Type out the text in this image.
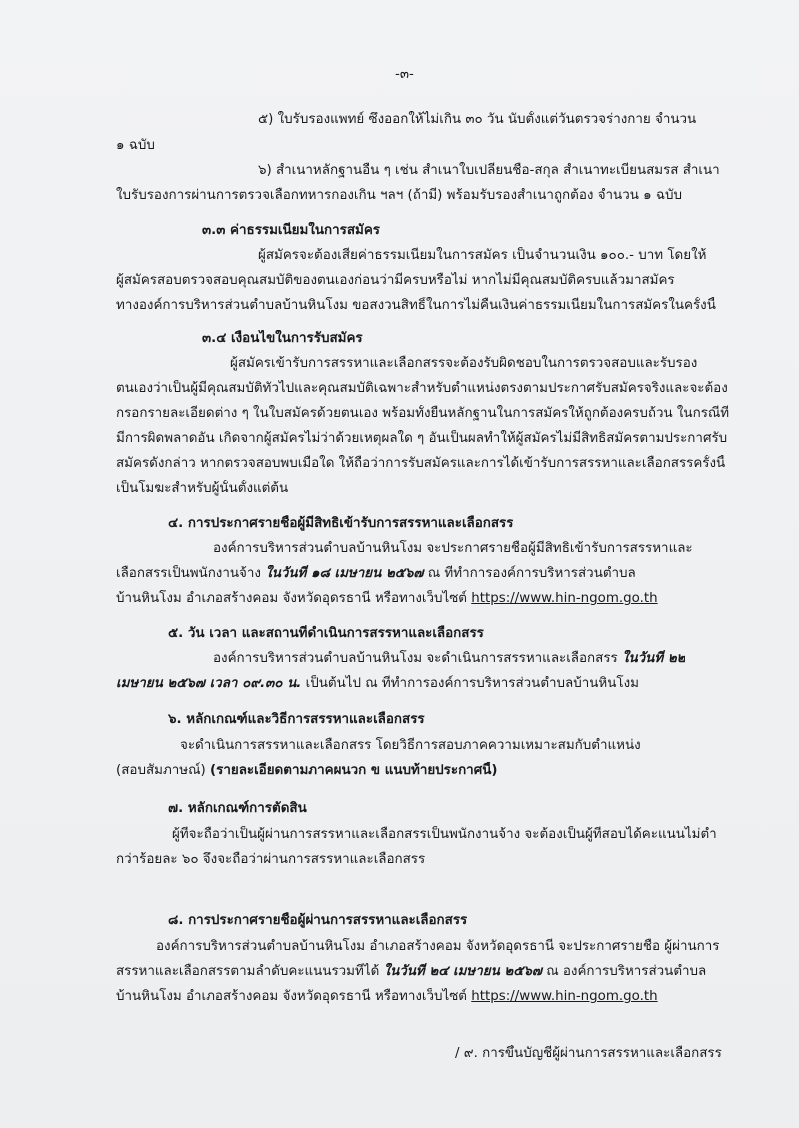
-๓-
๕) ใบรับรองแพทย์ ซึ่งออกให้ไม่เกิน ๓๐ วัน นับตั้งแต่วันตรวจร่างกาย จำนวน
๑ ฉบับ
๖) สำเนาหลักฐานอื่น ๆ เช่น สำเนาใบเปลี่ยนชื่อ-สกุล สำเนาทะเบียนสมรส สำเนา
ใบรับรองการผ่านการตรวจเลือกทหารกองเกิน ฯลฯ (ถ้ามี) พร้อมรับรองสำเนาถูกต้อง จำนวน ๑ ฉบับ
๓.๓ ค่าธรรมเนียมในการสมัคร
ผู้สมัครจะต้องเสียค่าธรรมเนียมในการสมัคร เป็นจำนวนเงิน ๑๐๐.- บาท โดยให้
ผู้สมัครสอบตรวจสอบคุณสมบัติของตนเองก่อนว่ามีครบหรือไม่ หากไม่มีคุณสมบัติครบแล้วมาสมัคร
ทางองค์การบริหารส่วนตำบลบ้านหินโงม ขอสงวนสิทธิ์ในการไม่คืนเงินค่าธรรมเนียมในการสมัครในครั้งนี้
๓.๔ เงื่อนไขในการรับสมัคร
ผู้สมัครเข้ารับการสรรหาและเลือกสรรจะต้องรับผิดชอบในการตรวจสอบและรับรอง
ตนเองว่าเป็นผู้มีคุณสมบัติทั่วไปและคุณสมบัติเฉพาะสำหรับตำแหน่งตรงตามประกาศรับสมัครจริงและจะต้อง
กรอกรายละเอียดต่าง ๆ ในใบสมัครด้วยตนเอง พร้อมทั้งยื่นหลักฐานในการสมัครให้ถูกต้องครบถ้วน ในกรณีที่
มีการผิดพลาดอัน เกิดจากผู้สมัครไม่ว่าด้วยเหตุผลใด ๆ อันเป็นผลทำให้ผู้สมัครไม่มีสิทธิสมัครตามประกาศรับ
สมัครดังกล่าว หากตรวจสอบพบเมื่อใด ให้ถือว่าการรับสมัครและการได้เข้ารับการสรรหาและเลือกสรรครั้งนี้
เป็นโมฆะสำหรับผู้นั้นตั้งแต่ต้น
๔. การประกาศรายชื่อผู้มีสิทธิเข้ารับการสรรหาและเลือกสรร
องค์การบริหารส่วนตำบลบ้านหินโงม จะประกาศรายชื่อผู้มีสิทธิเข้ารับการสรรหาและ
เลือกสรรเป็นพนักงานจ้าง ในวันที่ ๑๘ เมษายน ๒๕๖๗ ณ ที่ทำการองค์การบริหารส่วนตำบล
บ้านหินโงม อำเภอสร้างคอม จังหวัดอุดรธานี หรือทางเว็บไซต์ https://www.hin-ngom.go.th
๕. วัน เวลา และสถานที่ดำเนินการสรรหาและเลือกสรร
องค์การบริหารส่วนตำบลบ้านหินโงม จะดำเนินการสรรหาและเลือกสรร ในวันที่ ๒๒
เมษายน ๒๕๖๗ เวลา ๐๙.๓๐ น. เป็นต้นไป ณ ที่ทำการองค์การบริหารส่วนตำบลบ้านหินโงม
๖. หลักเกณฑ์และวิธีการสรรหาและเลือกสรร
จะดำเนินการสรรหาและเลือกสรร โดยวิธีการสอบภาคความเหมาะสมกับตำแหน่ง
(สอบสัมภาษณ์) (รายละเอียดตามภาคผนวก ข แนบท้ายประกาศนี้)
๗. หลักเกณฑ์การตัดสิน
ผู้ที่จะถือว่าเป็นผู้ผ่านการสรรหาและเลือกสรรเป็นพนักงานจ้าง จะต้องเป็นผู้ที่สอบได้คะแนนไม่ต่ำ
กว่าร้อยละ ๖๐ จึงจะถือว่าผ่านการสรรหาและเลือกสรร
๘. การประกาศรายชื่อผู้ผ่านการสรรหาและเลือกสรร
องค์การบริหารส่วนตำบลบ้านหินโงม อำเภอสร้างคอม จังหวัดอุดรธานี จะประกาศรายชื่อ ผู้ผ่านการ
สรรหาและเลือกสรรตามลำดับคะแนนรวมที่ได้ ในวันที่ ๒๔ เมษายน ๒๕๖๗ ณ องค์การบริหารส่วนตำบล
บ้านหินโงม อำเภอสร้างคอม จังหวัดอุดรธานี หรือทางเว็บไซต์ https://www.hin-ngom.go.th
/ ๙. การขึ้นบัญชีผู้ผ่านการสรรหาและเลือกสรร
